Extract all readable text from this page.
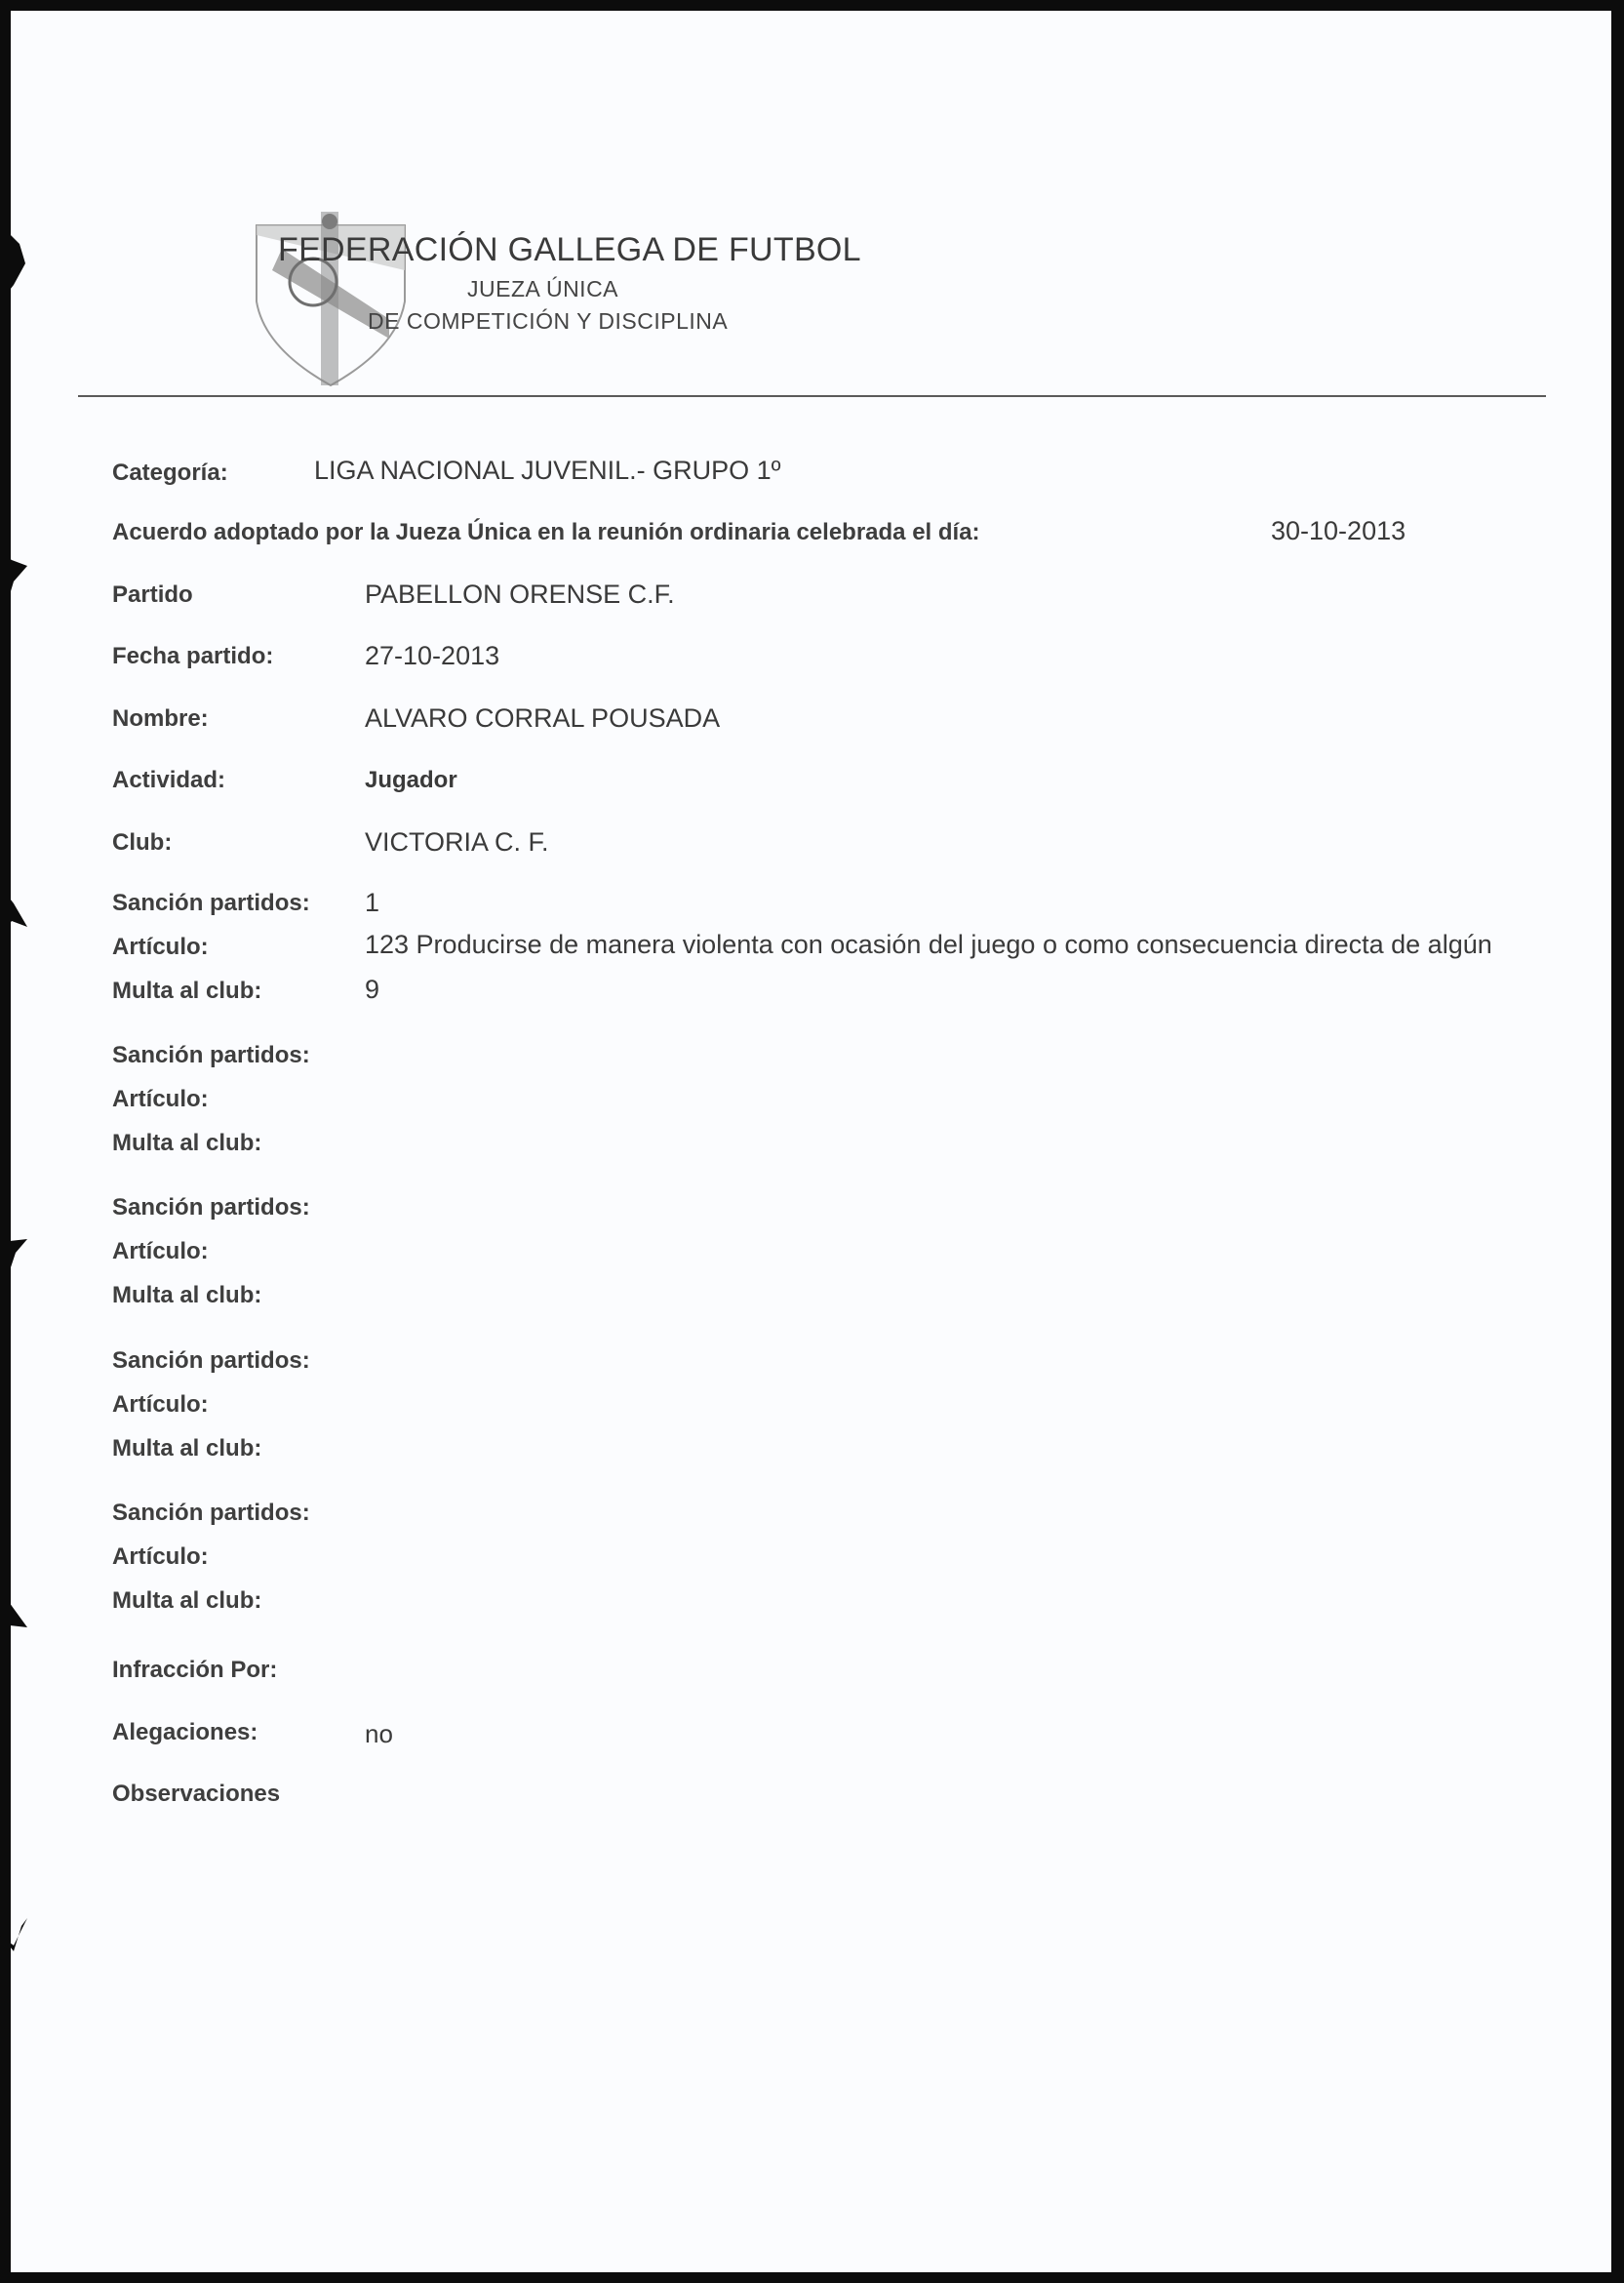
FEDERACIÓN GALLEGA DE FUTBOL
JUEZA ÚNICA
DE COMPETICIÓN Y DISCIPLINA
Categoría:	LIGA NACIONAL JUVENIL.- GRUPO 1º
Acuerdo adoptado por la Jueza Única en la reunión ordinaria celebrada el día:	30-10-2013
Partido	PABELLON ORENSE C.F.
Fecha partido:	27-10-2013
Nombre:	ALVARO CORRAL POUSADA
Actividad:	Jugador
Club:	VICTORIA C. F.
Sanción partidos: 1
Artículo:	123 Producirse de manera violenta con ocasión del juego o como consecuencia directa de algún
Multa al club:	9
Sanción partidos:
Artículo:
Multa al club:
Sanción partidos:
Artículo:
Multa al club:
Sanción partidos:
Artículo:
Multa al club:
Sanción partidos:
Artículo:
Multa al club:
Infracción Por:
Alegaciones:	no
Observaciones
